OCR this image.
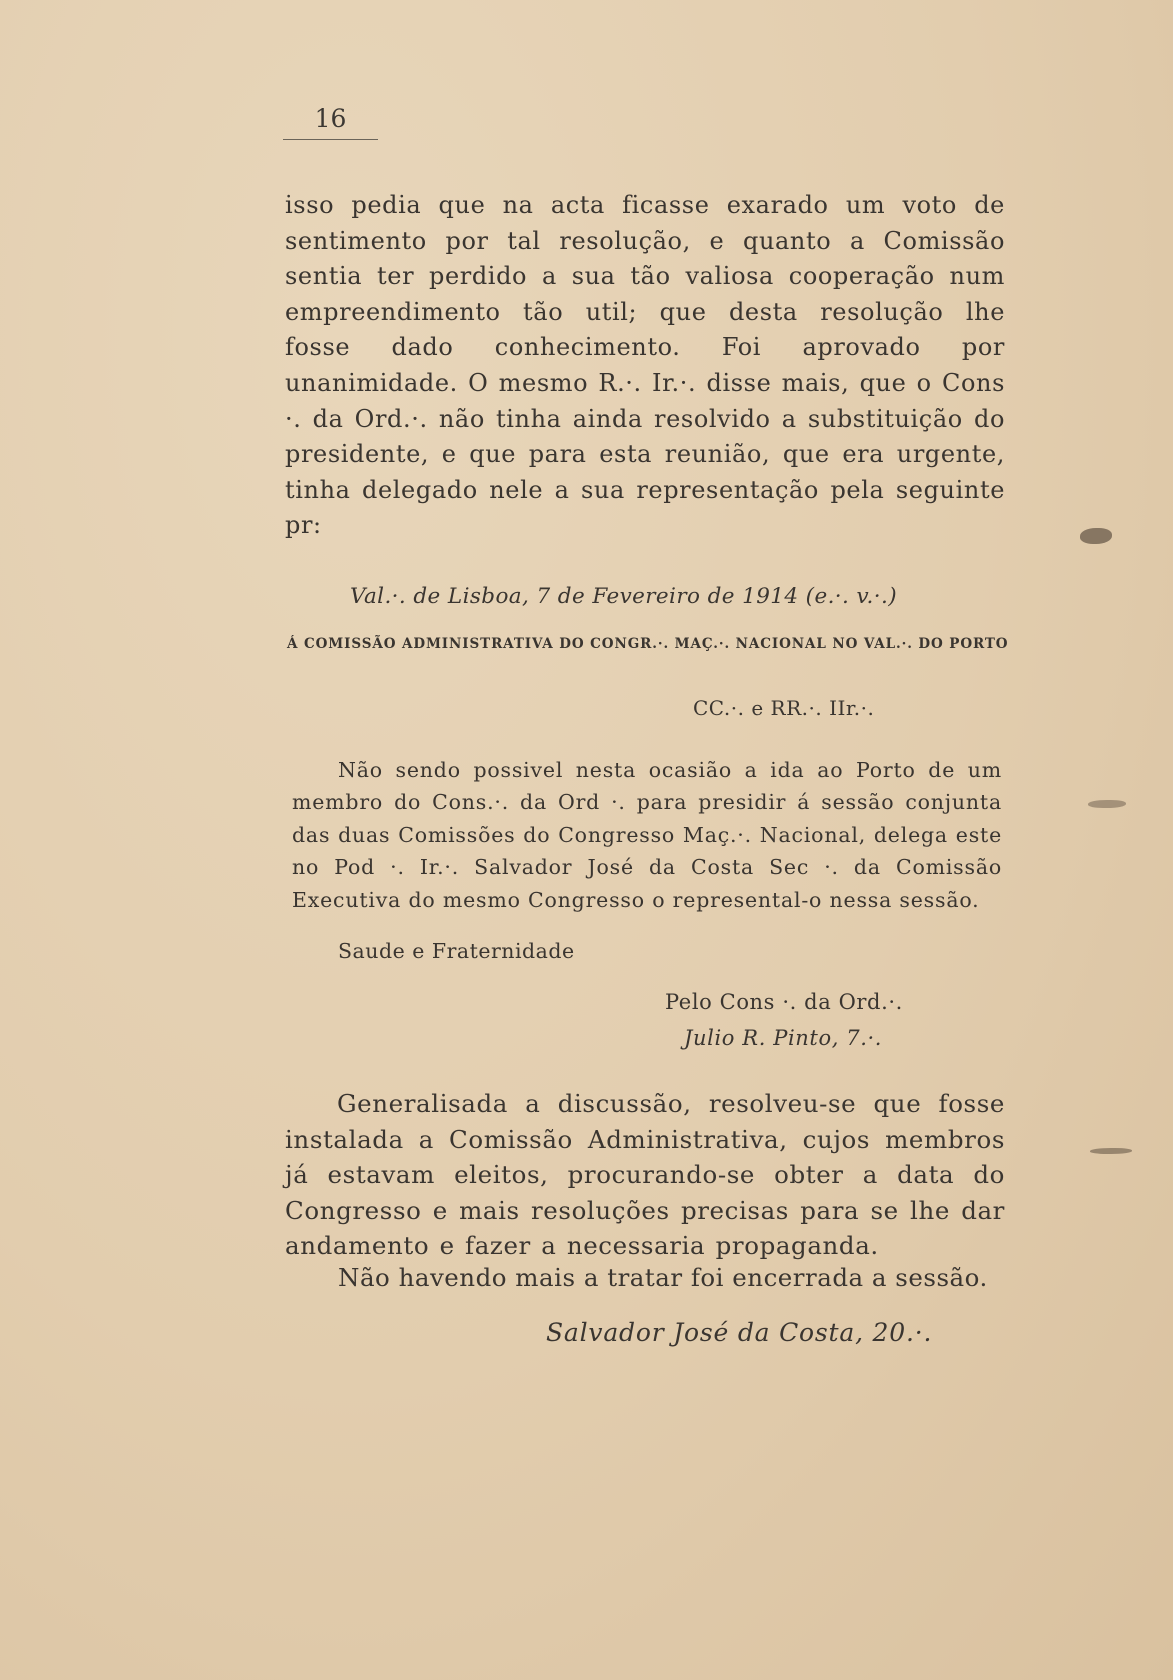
16

isso pedia que na acta ficasse exarado um voto de sentimento por tal resolução, e quanto a Comissão sentia ter perdido a sua tão valiosa cooperação num empreendimento tão util; que desta resolução lhe fosse dado conhecimento. Foi aprovado por unanimidade. O mesmo R.·. Ir.·. disse mais, que o Cons ·. da Ord.·. não tinha ainda resolvido a substituição do presidente, e que para esta reunião, que era urgente, tinha delegado nele a sua representação pela seguinte pr:

Val.·. de Lisboa, 7 de Fevereiro de 1914 (e.·. v.·.)
Á COMISSÃO ADMINISTRATIVA DO CONGR.·. MAÇ.·. NACIONAL NO VAL.·. DO PORTO
CC.·. e RR.·. IIr.·.

Não sendo possivel nesta ocasião a ida ao Porto de um membro do Cons.·. da Ord ·. para presidir á sessão conjunta das duas Comissões do Congresso Maç.·. Nacional, delega este no Pod ·. Ir.·. Salvador José da Costa Sec ·. da Comissão Executiva do mesmo Congresso o represental-o nessa sessão.

Saude e Fraternidade
Pelo Cons ·. da Ord.·.
Julio R. Pinto, 7.·.

Generalisada a discussão, resolveu-se que fosse instalada a Comissão Administrativa, cujos membros já estavam eleitos, procurando-se obter a data do Congresso e mais resoluções precisas para se lhe dar andamento e fazer a necessaria propaganda.

Não havendo mais a tratar foi encerrada a sessão.
Salvador José da Costa, 20.·.
